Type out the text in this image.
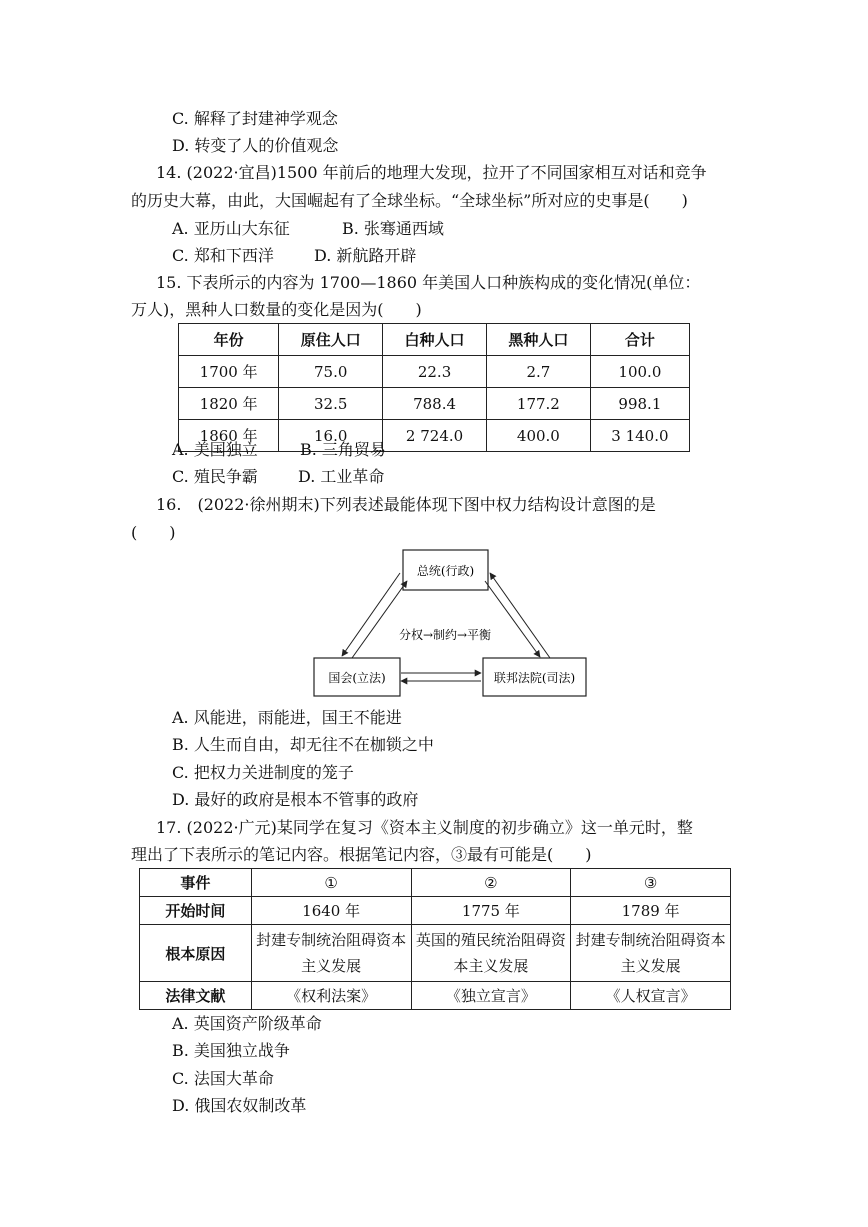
C. 解释了封建神学观念
D. 转变了人的价值观念
14. (2022·宜昌)1500 年前后的地理大发现，拉开了不同国家相互对话和竞争
的历史大幕，由此，大国崛起有了全球坐标。“全球坐标”所对应的史事是(　　)
A. 亚历山大东征	B. 张骞通西域
C. 郑和下西洋	D. 新航路开辟
15. 下表所示的内容为 1700—1860 年美国人口种族构成的变化情况(单位：
万人)，黑种人口数量的变化是因为(　　)
年份	原住人口	白种人口	黑种人口	合计
1700 年	75.0	22.3	2.7	100.0
1820 年	32.5	788.4	177.2	998.1
1860 年	16.0	2 724.0	400.0	3 140.0
A. 美国独立	B. 三角贸易
C. 殖民争霸	D. 工业革命
16.　(2022·徐州期末)下列表述最能体现下图中权力结构设计意图的是
(　　)
总统(行政)
国会(立法)	联邦法院(司法)
分权→制约→平衡
A. 风能进，雨能进，国王不能进
B. 人生而自由，却无往不在枷锁之中
C. 把权力关进制度的笼子
D. 最好的政府是根本不管事的政府
17. (2022·广元)某同学在复习《资本主义制度的初步确立》这一单元时，整
理出了下表所示的笔记内容。根据笔记内容，③最有可能是(　　)
事件	①	②	③
开始时间	1640 年	1775 年	1789 年
根本原因	封建专制统治阻碍资本主义发展	英国的殖民统治阻碍资本主义发展	封建专制统治阻碍资本主义发展
法律文献	《权利法案》	《独立宣言》	《人权宣言》
A. 英国资产阶级革命
B. 美国独立战争
C. 法国大革命
D. 俄国农奴制改革
